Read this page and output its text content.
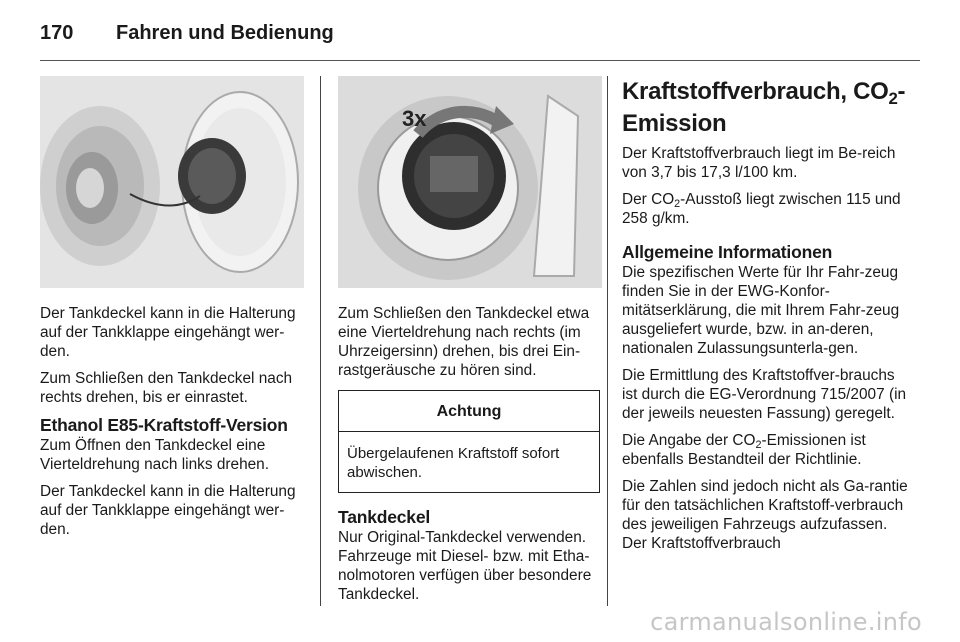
170	Fahren und Bedienung

Der Tankdeckel kann in die Halterung auf der Tankklappe eingehängt wer-den.

Zum Schließen den Tankdeckel nach rechts drehen, bis er einrastet.

Ethanol E85-Kraftstoff-Version

Zum Öffnen den Tankdeckel eine Vierteldrehung nach links drehen.

Der Tankdeckel kann in die Halterung auf der Tankklappe eingehängt wer-den.

3x

Zum Schließen den Tankdeckel etwa eine Vierteldrehung nach rechts (im Uhrzeigersinn) drehen, bis drei Ein-rastgeräusche zu hören sind.

Achtung
Übergelaufenen Kraftstoff sofort abwischen.
Tankdeckel

Nur Original-Tankdeckel verwenden. Fahrzeuge mit Diesel- bzw. mit Etha-nolmotoren verfügen über besondere Tankdeckel.

Kraftstoffverbrauch, $CO_2$-Emission

Der Kraftstoffverbrauch liegt im Be-reich von 3,7 bis 17,3 l/100 km.

Der $CO_2$-Ausstoß liegt zwischen 115 und 258 g/km.

Allgemeine Informationen

Die spezifischen Werte für Ihr Fahr-zeug finden Sie in der EWG-Konfor-mitätserklärung, die mit Ihrem Fahr-zeug ausgeliefert wurde, bzw. in an-deren, nationalen Zulassungsunterla-gen.

Die Ermittlung des Kraftstoffver-brauchs ist durch die EG-Verordnung 715/2007 (in der jeweils neuesten Fassung) geregelt.

Die Angabe der $CO_2$-Emissionen ist ebenfalls Bestandteil der Richtlinie.

Die Zahlen sind jedoch nicht als Ga-rantie für den tatsächlichen Kraftstoff-verbrauch des jeweiligen Fahrzeugs aufzufassen. Der Kraftstoffverbrauch

carmanualsonline.info
